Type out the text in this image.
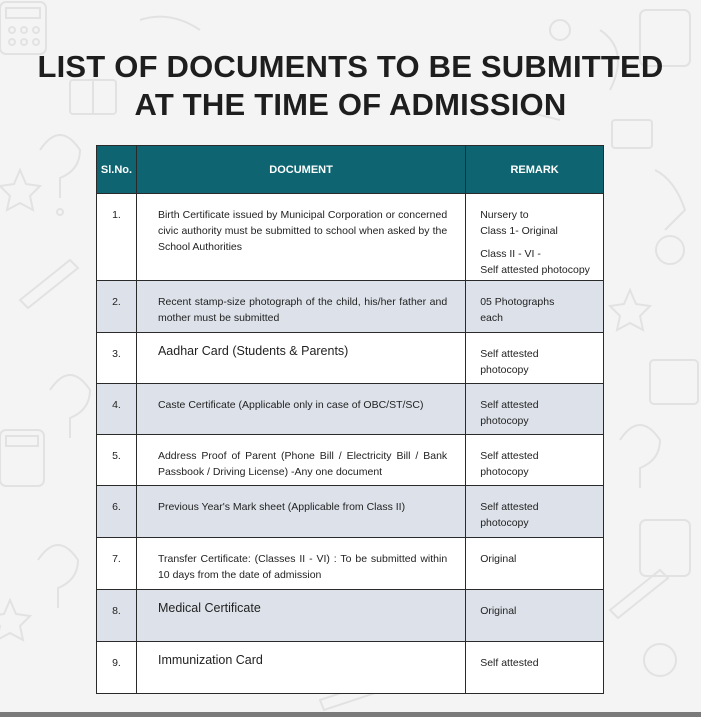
LIST OF DOCUMENTS TO BE SUBMITTED
AT THE TIME OF ADMISSION
Sl.No.	DOCUMENT	REMARK
1.	Birth Certificate issued by Municipal Corporation or concerned civic authority must be submitted to school when asked by the School Authorities	Nursery to
Class 1- Original

Class II - VI -
Self attested photocopy

2.	Recent stamp-size photograph of the child, his/her father and mother must be submitted	05 Photographs
each
3.	Aadhar Card (Students & Parents)	Self attested
photocopy
4.	Caste Certificate (Applicable only in case of OBC/ST/SC)	Self attested
photocopy
5.	Address Proof of Parent (Phone Bill / Electricity Bill / Bank Passbook / Driving License) -Any one document	Self attested
photocopy
6.	Previous Year's Mark sheet (Applicable from Class II)	Self attested
photocopy
7.	Transfer Certificate: (Classes II - VI) : To be submitted within 10 days from the date of admission	Original
8.	Medical Certificate	Original
9.	Immunization Card	Self attested
